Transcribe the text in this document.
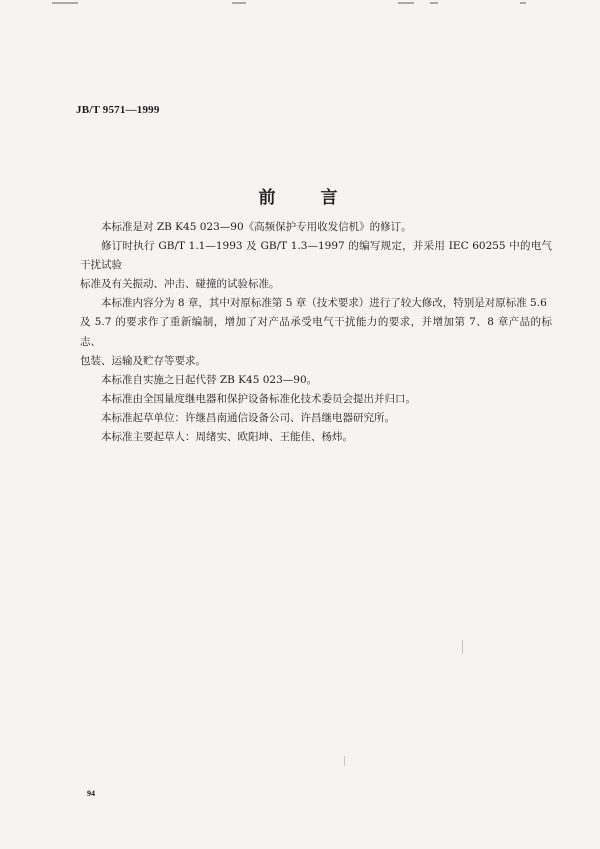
JB/T 9571—1999
前　言

本标准是对 ZB K45 023—90《高频保护专用收发信机》的修订。

修订时执行 GB/T 1.1—1993 及 GB/T 1.3—1997 的编写规定，并采用 IEC 60255 中的电气干扰试验

标准及有关振动、冲击、碰撞的试验标准。

本标准内容分为 8 章，其中对原标准第 5 章（技术要求）进行了较大修改，特别是对原标准 5.6

及 5.7 的要求作了重新编制，增加了对产品承受电气干扰能力的要求，并增加第 7、8 章产品的标志、

包装、运输及贮存等要求。

本标准自实施之日起代替 ZB K45 023—90。

本标准由全国量度继电器和保护设备标准化技术委员会提出并归口。

本标准起草单位：许继昌南通信设备公司、许昌继电器研究所。

本标准主要起草人：周绪实、欧阳坤、王能佳、杨炜。

94
